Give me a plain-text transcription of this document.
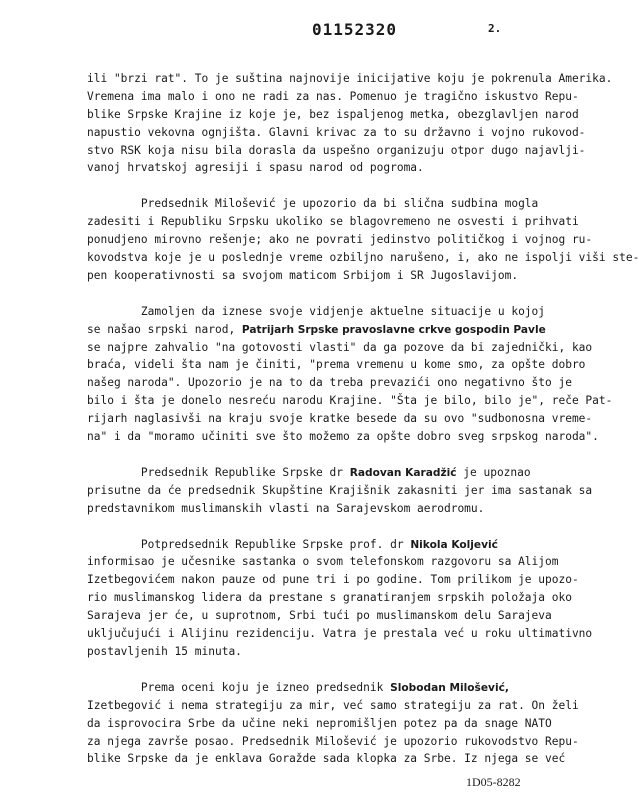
01152320	2.
ili "brzi rat". To je suština najnovije inicijative koju je pokrenula Amerika.
Vremena ima malo i ono ne radi za nas. Pomenuo je tragično iskustvo Repu-
blike Srpske Krajine iz koje je, bez ispaljenog metka, obezglavljen narod
napustio vekovna ognjišta. Glavni krivac za to su državno i vojno rukovod-
stvo RSK koja nisu bila dorasla da uspešno organizuju otpor dugo najavlji-
vanoj hrvatskoj agresiji i spasu narod od pogroma.
Predsednik Milošević je upozorio da bi slična sudbina mogla
zadesiti i Republiku Srpsku ukoliko se blagovremeno ne osvesti i prihvati
ponudjeno mirovno rešenje; ako ne povrati jedinstvo političkog i vojnog ru-
kovodstva koje je u poslednje vreme ozbiljno narušeno, i, ako ne ispolji viši ste-
pen kooperativnosti sa svojom maticom Srbijom i SR Jugoslavijom.
Zamoljen da iznese svoje vidjenje aktuelne situacije u kojoj
se našao srpski narod, Patrijarh Srpske pravoslavne crkve gospodin Pavle
se najpre zahvalio "na gotovosti vlasti" da ga pozove da bi zajednički, kao
braća, videli šta nam je činiti, "prema vremenu u kome smo, za opšte dobro
našeg naroda". Upozorio je na to da treba prevazići ono negativno što je
bilo i šta je donelo nesreću narodu Krajine. "Šta je bilo, bilo je", reče Pat-
rijarh naglasivši na kraju svoje kratke besede da su ovo "sudbonosna vreme-
na" i da "moramo učiniti sve što možemo za opšte dobro sveg srpskog naroda".
Predsednik Republike Srpske dr Radovan Karadžić je upoznao
prisutne da će predsednik Skupštine Krajišnik zakasniti jer ima sastanak sa
predstavnikom muslimanskih vlasti na Sarajevskom aerodromu.
Potpredsednik Republike Srpske prof. dr Nikola Koljević
informisao je učesnike sastanka o svom telefonskom razgovoru sa Alijom
Izetbegovićem nakon pauze od pune tri i po godine. Tom prilikom je upozo-
rio muslimanskog lidera da prestane s granatiranjem srpskih položaja oko
Sarajeva jer će, u suprotnom, Srbi tući po muslimanskom delu Sarajeva
uključujući i Alijinu rezidenciju. Vatra je prestala već u roku ultimativno
postavljenih 15 minuta.
Prema oceni koju je izneo predsednik Slobodan Milošević,
Izetbegović i nema strategiju za mir, već samo strategiju za rat. On želi
da isprovocira Srbe da učine neki nepromišljen potez pa da snage NATO
za njega završe posao. Predsednik Milošević je upozorio rukovodstvo Repu-
blike Srpske da je enklava Goražde sada klopka za Srbe. Iz njega se već
1D05-8282
